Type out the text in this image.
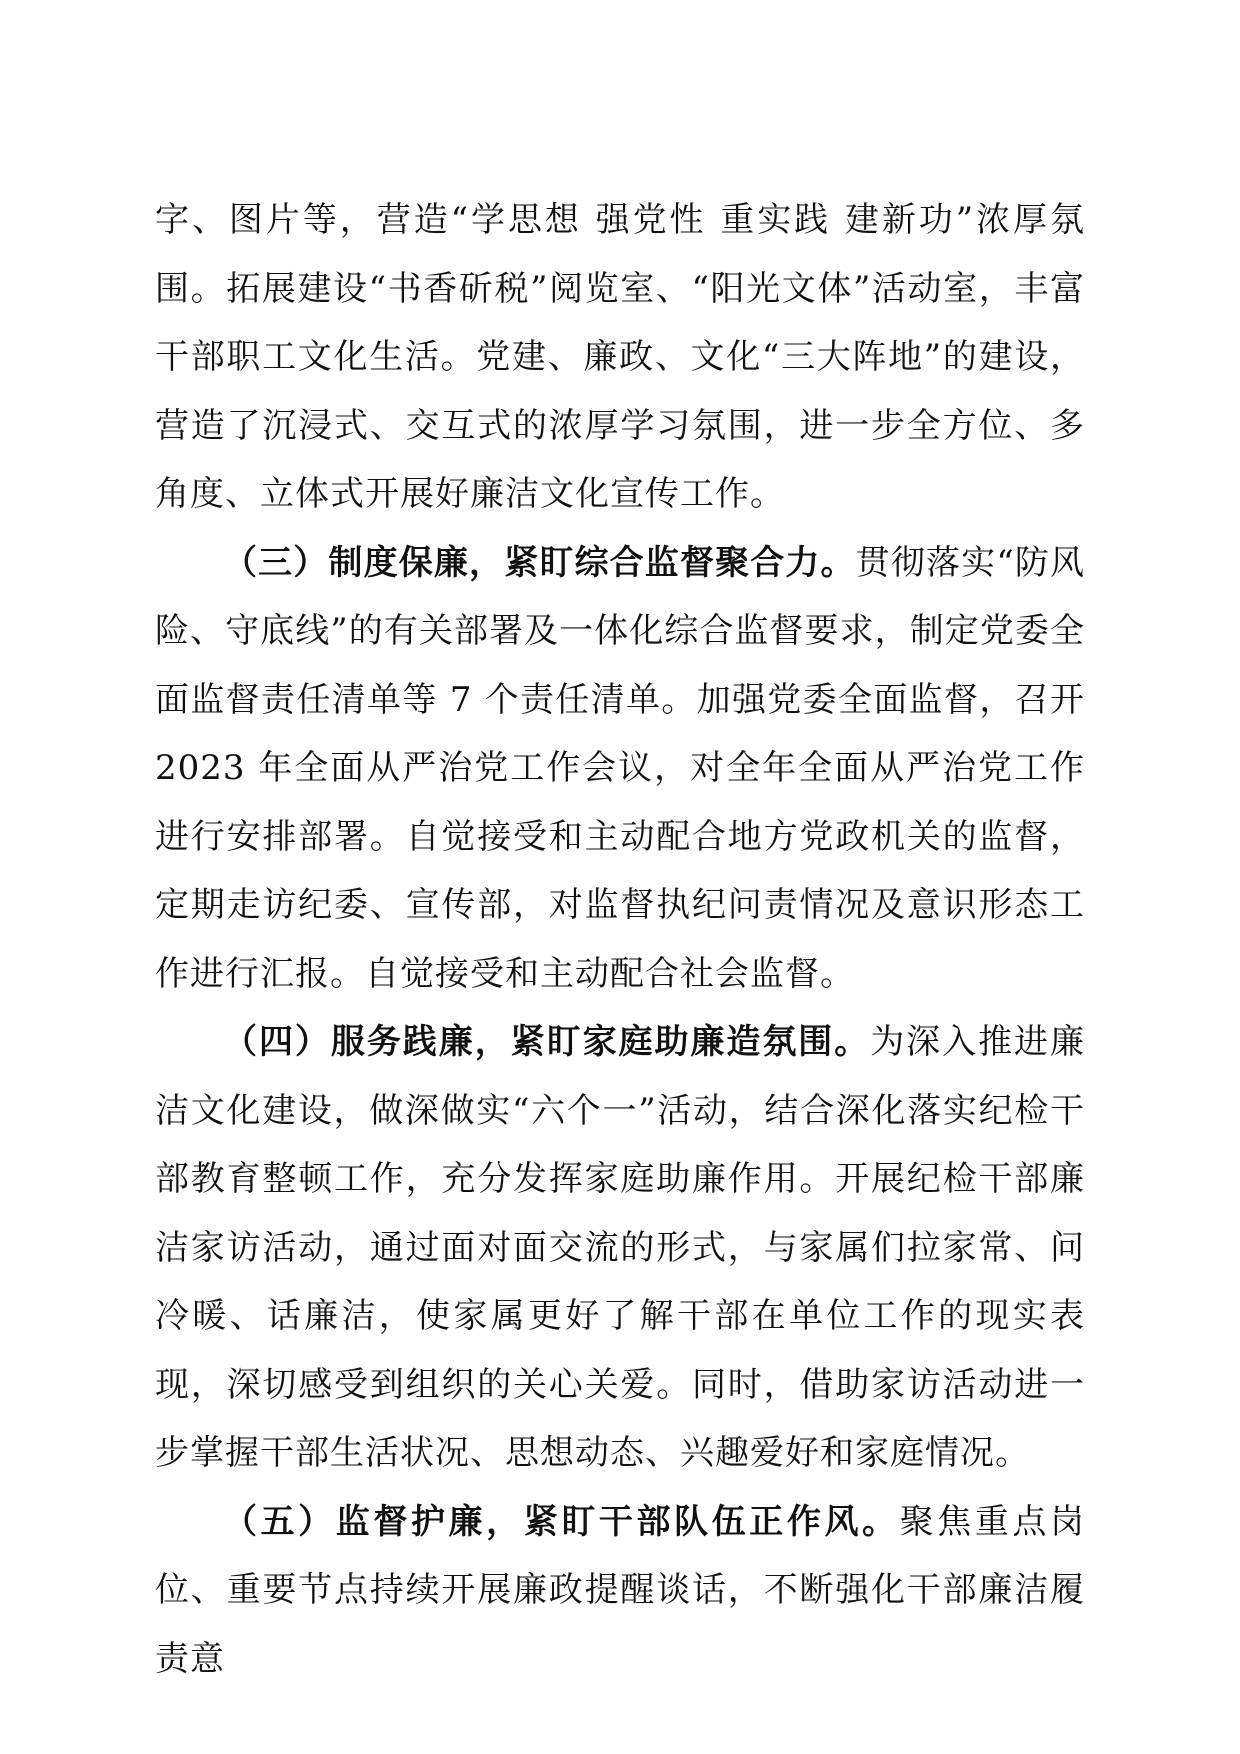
字、图片等，营造“学思想 强党性 重实践 建新功”浓厚氛围。拓展建设“书香斫税”阅览室、“阳光文体”活动室，丰富干部职工文化生活。党建、廉政、文化“三大阵地”的建设，营造了沉浸式、交互式的浓厚学习氛围，进一步全方位、多角度、立体式开展好廉洁文化宣传工作。

（三）制度保廉，紧盯综合监督聚合力。贯彻落实“防风险、守底线”的有关部署及一体化综合监督要求，制定党委全面监督责任清单等 7 个责任清单。加强党委全面监督，召开 2023 年全面从严治党工作会议，对全年全面从严治党工作进行安排部署。自觉接受和主动配合地方党政机关的监督，定期走访纪委、宣传部，对监督执纪问责情况及意识形态工作进行汇报。自觉接受和主动配合社会监督。

（四）服务践廉，紧盯家庭助廉造氛围。为深入推进廉洁文化建设，做深做实“六个一”活动，结合深化落实纪检干部教育整顿工作，充分发挥家庭助廉作用。开展纪检干部廉洁家访活动，通过面对面交流的形式，与家属们拉家常、问冷暖、话廉洁，使家属更好了解干部在单位工作的现实表现，深切感受到组织的关心关爱。同时，借助家访活动进一步掌握干部生活状况、思想动态、兴趣爱好和家庭情况。

（五）监督护廉，紧盯干部队伍正作风。聚焦重点岗位、重要节点持续开展廉政提醒谈话，不断强化干部廉洁履责意
